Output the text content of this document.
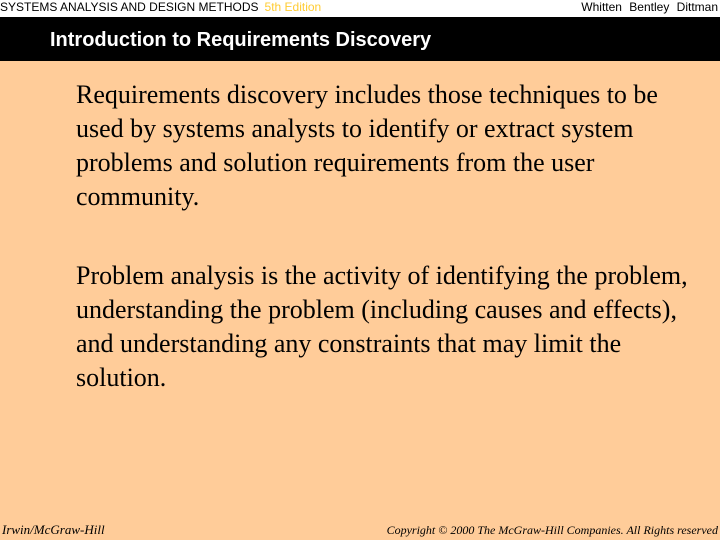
SYSTEMS ANALYSIS AND DESIGN METHODS 5th Edition	Whitten Bentley Dittman
Introduction to Requirements Discovery

Requirements discovery includes those techniques to be used by systems analysts to identify or extract system problems and solution requirements from the user community.

Problem analysis is the activity of identifying the problem, understanding the problem (including causes and effects), and understanding any constraints that may limit the solution.

Irwin/McGraw-Hill	Copyright © 2000 The McGraw-Hill Companies. All Rights reserved
